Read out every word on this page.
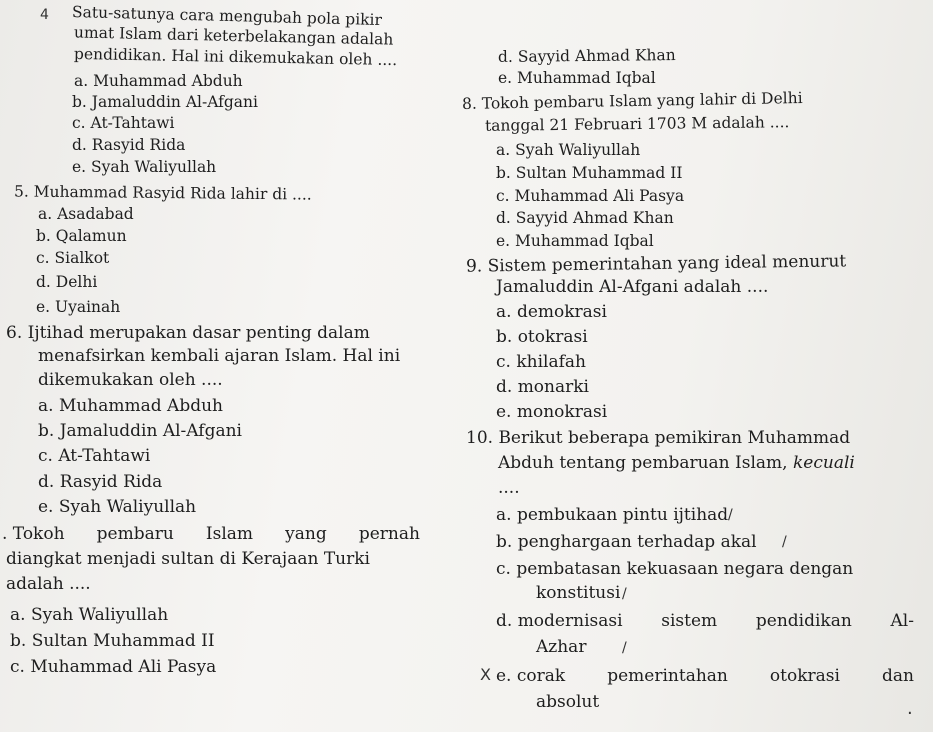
4 Satu-satunya cara mengubah pola pikir
umat Islam dari keterbelakangan adalah
pendidikan. Hal ini dikemukakan oleh ....
a. Muhammad Abduh
b. Jamaluddin Al-Afgani
c. At-Tahtawi
d. Rasyid Rida
e. Syah Waliyullah
5. Muhammad Rasyid Rida lahir di ....
a. Asadabad
b. Qalamun
c. Sialkot
d. Delhi
e. Uyainah
6. Ijtihad merupakan dasar penting dalam
menafsirkan kembali ajaran Islam. Hal ini
dikemukakan oleh ....
a. Muhammad Abduh
b. Jamaluddin Al-Afgani
c. At-Tahtawi
d. Rasyid Rida
e. Syah Waliyullah
. Tokoh pembaru Islam yang pernah
diangkat menjadi sultan di Kerajaan Turki
adalah ....
a. Syah Waliyullah
b. Sultan Muhammad II
c. Muhammad Ali Pasya
d. Sayyid Ahmad Khan
e. Muhammad Iqbal
8. Tokoh pembaru Islam yang lahir di Delhi
tanggal 21 Februari 1703 M adalah ....
a. Syah Waliyullah
b. Sultan Muhammad II
c. Muhammad Ali Pasya
d. Sayyid Ahmad Khan
e. Muhammad Iqbal
9. Sistem pemerintahan yang ideal menurut
Jamaluddin Al-Afgani adalah ....
a. demokrasi
b. otokrasi
c. khilafah
d. monarki
e. monokrasi
10. Berikut beberapa pemikiran Muhammad
Abduh tentang pembaruan Islam, kecuali
....
a. pembukaan pintu ijtihad
b. penghargaan terhadap akal
c. pembatasan kekuasaan negara dengan
konstitusi
d. modernisasi sistem pendidikan Al-
Azhar
e. corak pemerintahan otokrasi dan
absolut
/
/
/
/
X
·
